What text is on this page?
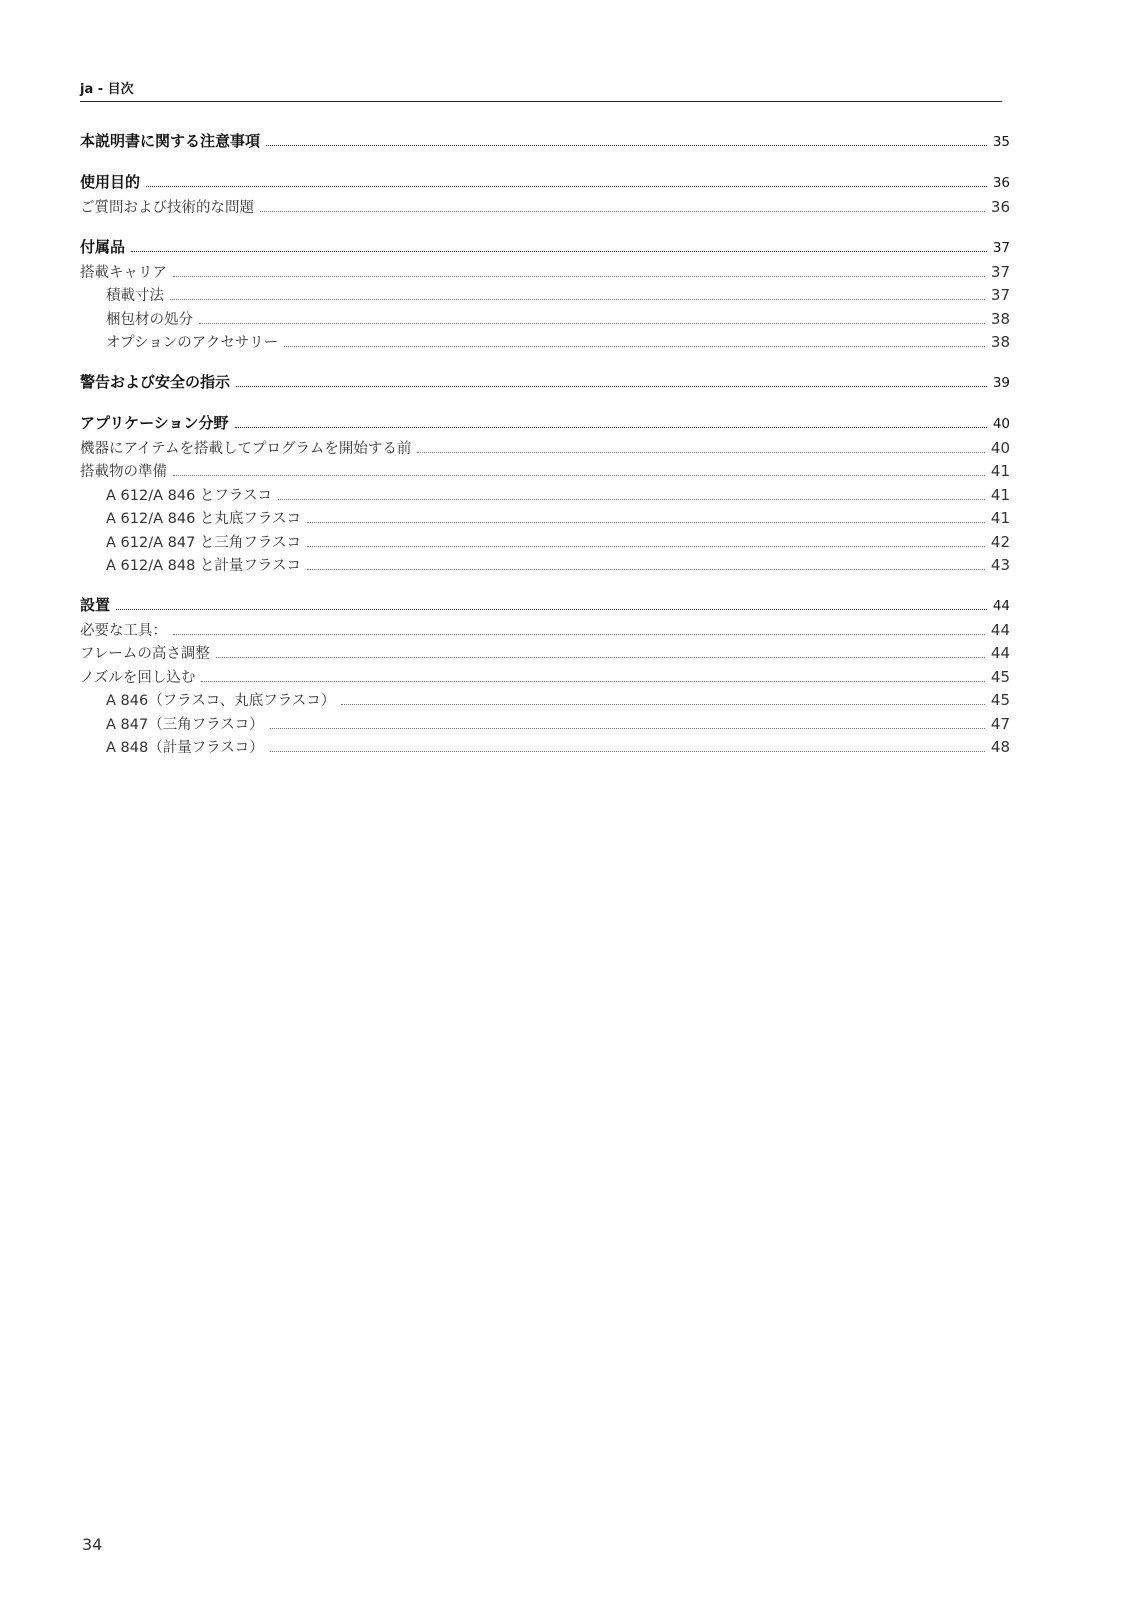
ja - 目次
本説明書に関する注意事項	35
使用目的	36
ご質問および技術的な問題	36
付属品	37
搭載キャリア	37
積載寸法	37
梱包材の処分	38
オプションのアクセサリー	38
警告および安全の指示	39
アプリケーション分野	40
機器にアイテムを搭載してプログラムを開始する前	40
搭載物の準備	41
A 612/A 846 とフラスコ	41
A 612/A 846 と丸底フラスコ	41
A 612/A 847 と三角フラスコ	42
A 612/A 848 と計量フラスコ	43
設置	44
必要な工具：	44
フレームの高さ調整	44
ノズルを回し込む	45
A 846（フラスコ、丸底フラスコ）	45
A 847（三角フラスコ）	47
A 848（計量フラスコ）	48
34
